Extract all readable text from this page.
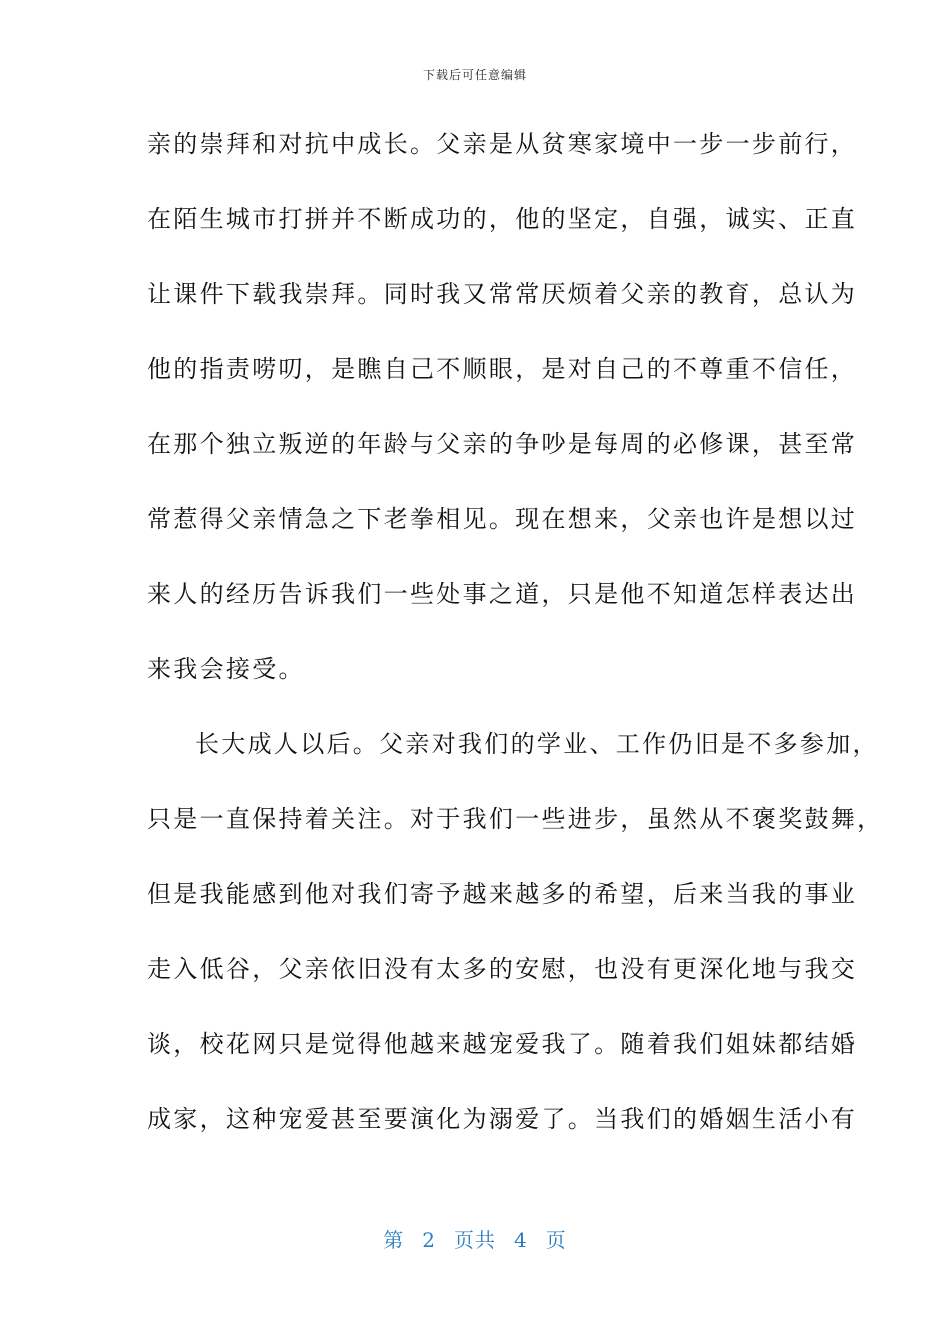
下载后可任意编辑
亲的崇拜和对抗中成长。父亲是从贫寒家境中一步一步前行，
在陌生城市打拼并不断成功的，他的坚定，自强，诚实、正直
让课件下载我崇拜。同时我又常常厌烦着父亲的教育，总认为
他的指责唠叨，是瞧自己不顺眼，是对自己的不尊重不信任，
在那个独立叛逆的年龄与父亲的争吵是每周的必修课，甚至常
常惹得父亲情急之下老拳相见。现在想来，父亲也许是想以过
来人的经历告诉我们一些处事之道，只是他不知道怎样表达出
来我会接受。
长大成人以后。父亲对我们的学业、工作仍旧是不多参加，
只是一直保持着关注。对于我们一些进步，虽然从不褒奖鼓舞，
但是我能感到他对我们寄予越来越多的希望，后来当我的事业
走入低谷，父亲依旧没有太多的安慰，也没有更深化地与我交
谈，校花网只是觉得他越来越宠爱我了。随着我们姐妹都结婚
成家，这种宠爱甚至要演化为溺爱了。当我们的婚姻生活小有
第 2 页共 4 页
